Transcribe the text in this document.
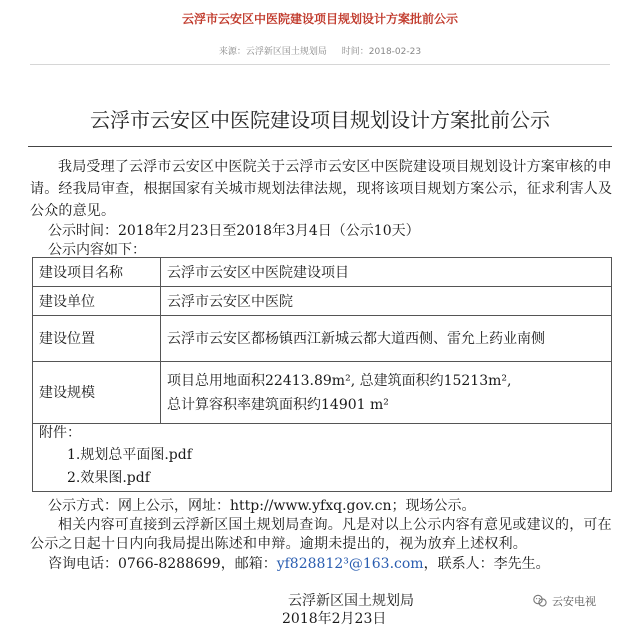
云浮市云安区中医院建设项目规划设计方案批前公示
来源：云浮新区国土规划局 时间：2018-02-23
云浮市云安区中医院建设项目规划设计方案批前公示
我局受理了云浮市云安区中医院关于云浮市云安区中医院建设项目规划设计方案审核的申请。经我局审查，根据国家有关城市规划法律法规，现将该项目规划方案公示，征求利害人及公众的意见。
公示时间：2018年2月23日至2018年3月4日（公示10天）
公示内容如下：
建设项目名称	云浮市云安区中医院建设项目
建设单位	云浮市云安区中医院
建设位置	云浮市云安区都杨镇西江新城云都大道西侧、雷允上药业南侧
建设规模	项目总用地面积22413.89m², 总建筑面积约15213m²,
总计算容积率建筑面积约14901 m²
附件：
1.规划总平面图.pdf
2.效果图.pdf
公示方式：网上公示，网址：http://www.yfxq.gov.cn；现场公示。
相关内容可直接到云浮新区国土规划局查询。凡是对以上公示内容有意见或建议的，可在公示之日起十日内向我局提出陈述和申辩。逾期未提出的，视为放弃上述权利。
咨询电话：0766-8288699，邮箱：yf828812³@163.com，联系人：李先生。
云浮新区国土规划局
2018年2月23日
云安电视
